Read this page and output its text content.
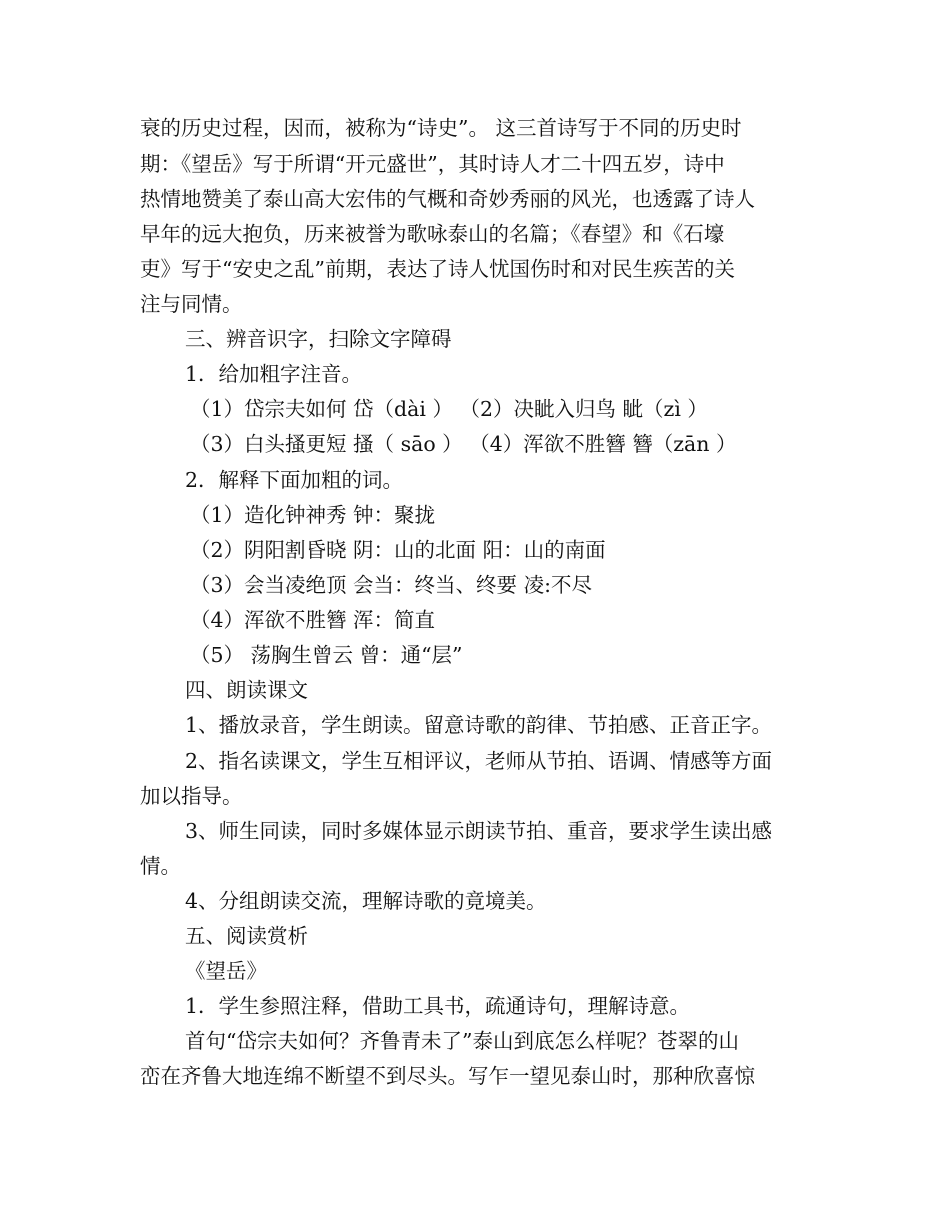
衰的历史过程，因而，被称为“诗史”。 这三首诗写于不同的历史时
期：《望岳》写于所谓“开元盛世”，其时诗人才二十四五岁，诗中
热情地赞美了泰山高大宏伟的气概和奇妙秀丽的风光，也透露了诗人
早年的远大抱负，历来被誉为歌咏泰山的名篇；《春望》和《石壕
吏》写于“安史之乱”前期，表达了诗人忧国伤时和对民生疾苦的关
注与同情。
三、辨音识字，扫除文字障碍
1．给加粗字注音。
（1）岱宗夫如何 岱（dài ） （2）决眦入归鸟 眦（zì ）
（3）白头搔更短 搔（ sāo ） （4）浑欲不胜簪 簪（zān ）
2．解释下面加粗的词。
（1）造化钟神秀 钟：聚拢
（2）阴阳割昏晓 阴：山的北面 阳：山的南面
（3）会当凌绝顶 会当：终当、终要 凌:不尽
（4）浑欲不胜簪 浑：简直
（5） 荡胸生曾云 曾：通“层”
四、朗读课文
1、播放录音，学生朗读。留意诗歌的韵律、节拍感、正音正字。
2、指名读课文，学生互相评议，老师从节拍、语调、情感等方面
加以指导。
3、师生同读，同时多媒体显示朗读节拍、重音，要求学生读出感
情。
4、分组朗读交流，理解诗歌的竟境美。
五、阅读赏析
《望岳》
1．学生参照注释，借助工具书，疏通诗句，理解诗意。
首句“岱宗夫如何？齐鲁青未了”泰山到底怎么样呢？苍翠的山
峦在齐鲁大地连绵不断望不到尽头。写乍一望见泰山时，那种欣喜惊
